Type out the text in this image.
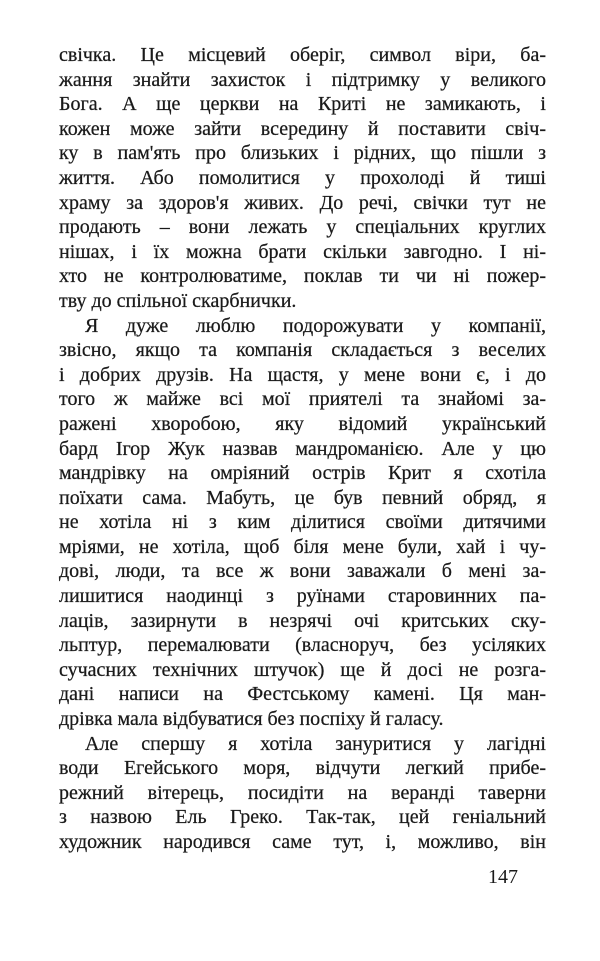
свічка. Це місцевий оберіг, символ віри, ба-
жання знайти захисток і підтримку у великого
Бога. А ще церкви на Криті не замикають, і
кожен може зайти всередину й поставити свіч-
ку в пам'ять про близьких і рідних, що пішли з
життя. Або помолитися у прохолоді й тиші
храму за здоров'я живих. До речі, свічки тут не
продають – вони лежать у спеціальних круглих
нішах, і їх можна брати скільки завгодно. І ні-
хто не контролюватиме, поклав ти чи ні пожер-
тву до спільної скарбнички.
Я дуже люблю подорожувати у компанії,
звісно, якщо та компанія складається з веселих
і добрих друзів. На щастя, у мене вони є, і до
того ж майже всі мої приятелі та знайомі за-
ражені хворобою, яку відомий український
бард Ігор Жук назвав мандроманією. Але у цю
мандрівку на омріяний острів Крит я схотіла
поїхати сама. Мабуть, це був певний обряд, я
не хотіла ні з ким ділитися своїми дитячими
мріями, не хотіла, щоб біля мене були, хай і чу-
дові, люди, та все ж вони заважали б мені за-
лишитися наодинці з руїнами старовинних па-
лаців, зазирнути в незрячі очі критських ску-
льптур, перемалювати (власноруч, без усіляких
сучасних технічних штучок) ще й досі не розга-
дані написи на Фестському камені. Ця ман-
дрівка мала відбуватися без поспіху й галасу.
Але спершу я хотіла зануритися у лагідні
води Егейського моря, відчути легкий прибе-
режний вітерець, посидіти на веранді таверни
з назвою Ель Греко. Так-так, цей геніальний
художник народився саме тут, і, можливо, він
147
